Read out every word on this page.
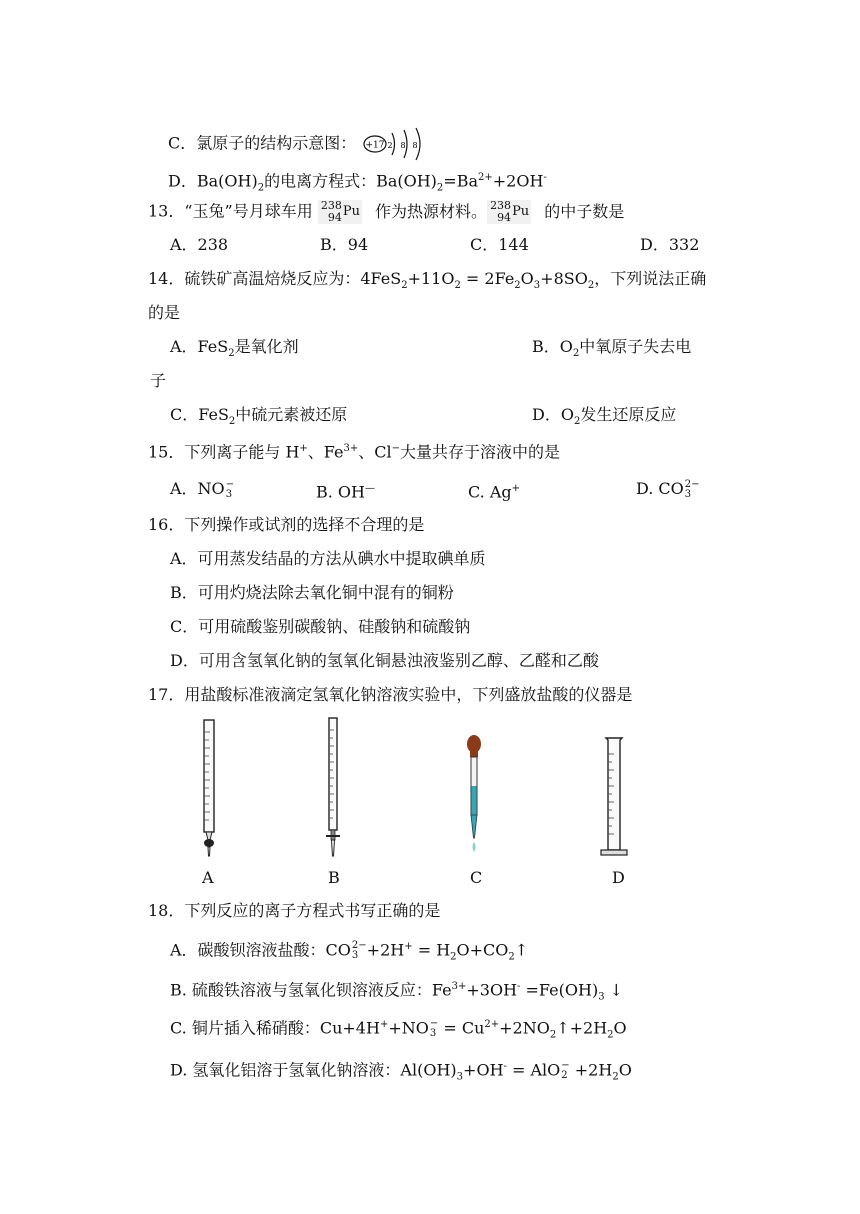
C．氯原子的结构示意图： +17 2 8 8
D．$Ba(OH)_2$的电离方程式：$Ba(OH)_2=Ba^{2+}+2OH^-$
13．“玉兔”号月球车用 238
94 Pu 作为热源材料。 238
94 Pu 的中子数是
A．238	B．94	C．144	D．332
14．硫铁矿高温焙烧反应为：$4FeS_2+11O_2 = 2Fe_2O_3+8SO_2$，下列说法正确
的是
A．FeS$_2$是氧化剂	B．$O_2$中氧原子失去电
子
C．FeS$_2$中硫元素被还原	D．$O_2$发生还原反应
15．下列离子能与 H+、$Fe^{3+}$、Cl−大量共存于溶液中的是
A．NO −
3	B. OH—	C. Ag+	D. CO 2−
3
16．下列操作或试剂的选择不合理的是
A．可用蒸发结晶的方法从碘水中提取碘单质
B．可用灼烧法除去氧化铜中混有的铜粉
C．可用硫酸鉴别碳酸钠、硅酸钠和硫酸钠
D．可用含氢氧化钠的氢氧化铜悬浊液鉴别乙醇、乙醛和乙酸
17．用盐酸标准液滴定氢氧化钠溶液实验中，下列盛放盐酸的仪器是
A	B	C	D
18．下列反应的离子方程式书写正确的是
A．碳酸钡溶液盐酸：CO 2−
$3 +2H^+ = H_2O+CO_2↑$
B. 硫酸铁溶液与氢氧化钡溶液反应：$Fe^{3+}+3OH^- =Fe(OH)_3$ ↓
C. 铜片插入稀硝酸：Cu+4H++NO −
$3 = Cu^{2+}+2NO_2↑+2H_2O$
D. 氢氧化铝溶于氢氧化钠溶液：$Al(OH)_3+OH^-$ = AlO −
$2 +2H_2O$
